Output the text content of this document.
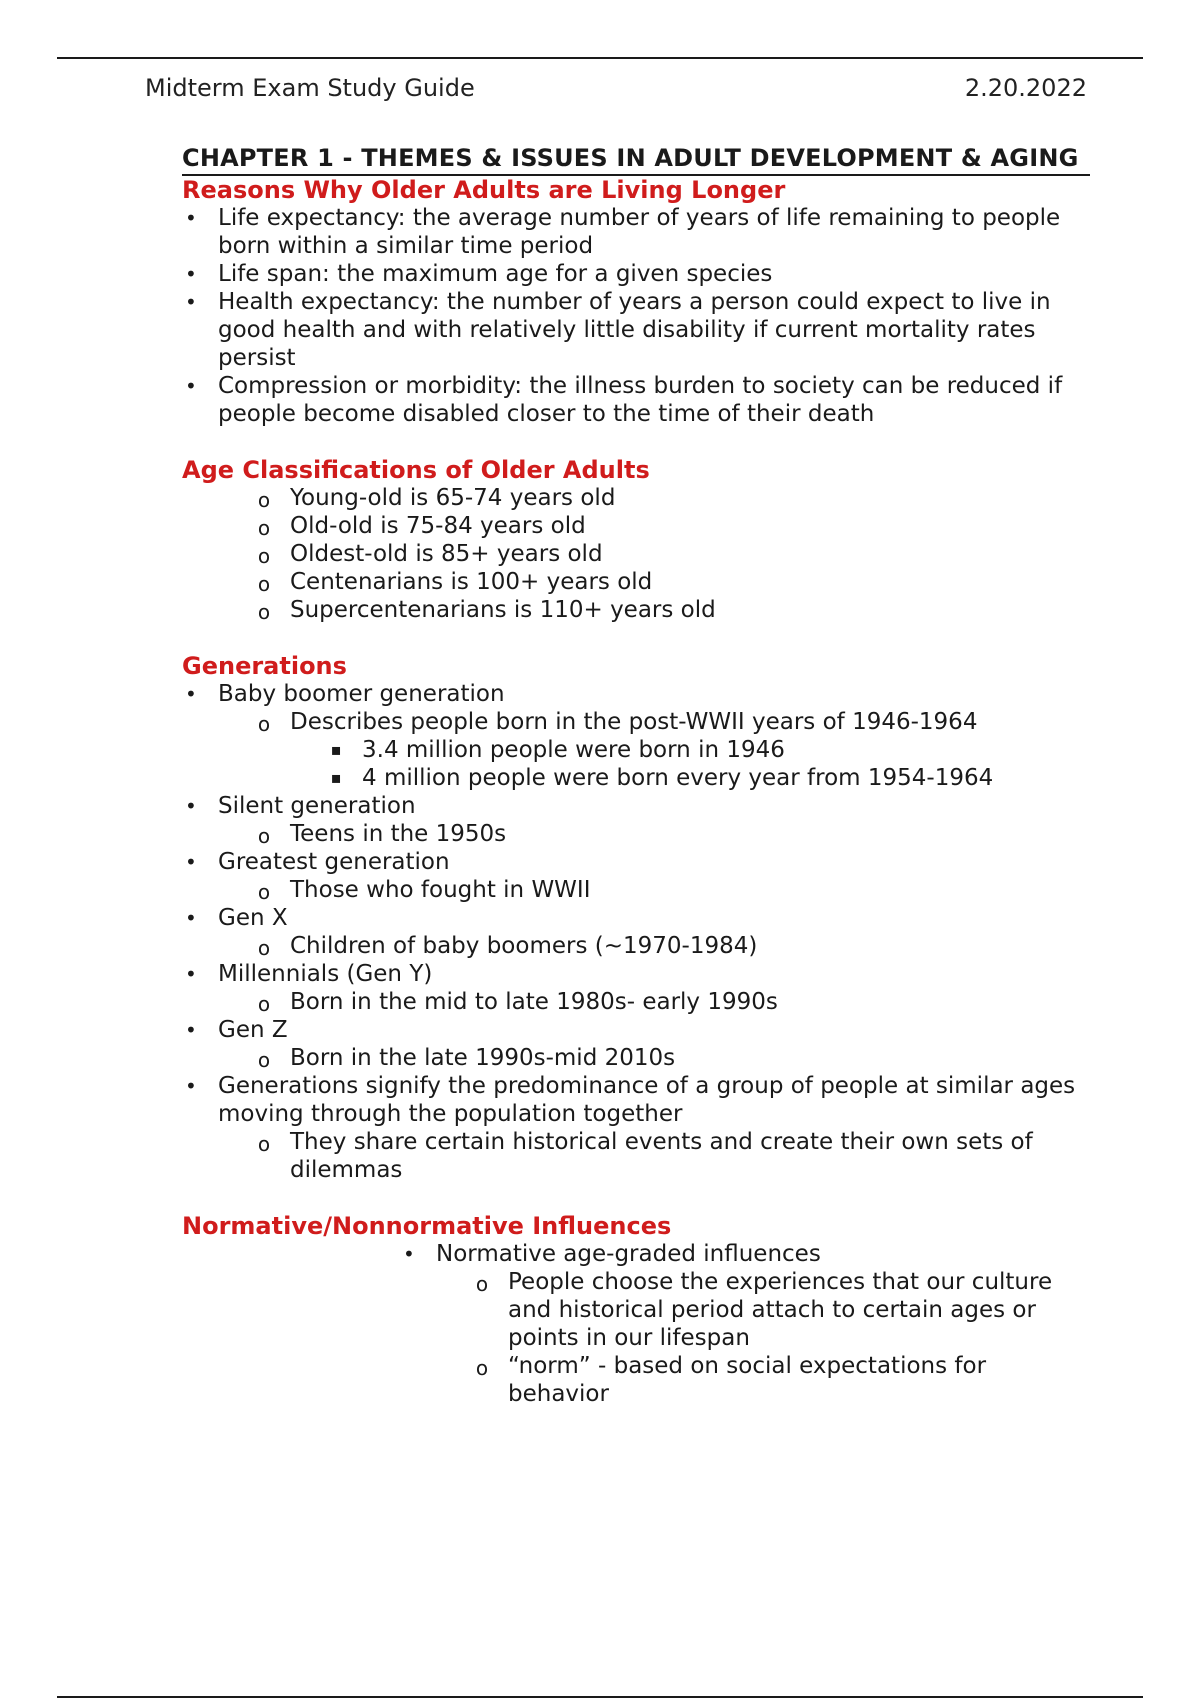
Midterm Exam Study Guide	2.20.2022
CHAPTER 1 - THEMES & ISSUES IN ADULT DEVELOPMENT & AGING
Reasons Why Older Adults are Living Longer
• Life expectancy: the average number of years of life remaining to people born within a similar time period
• Life span: the maximum age for a given species
• Health expectancy: the number of years a person could expect to live in good health and with relatively little disability if current mortality rates persist
• Compression or morbidity: the illness burden to society can be reduced if people become disabled closer to the time of their death
Age Classifications of Older Adults
o Young-old is 65-74 years old
o Old-old is 75-84 years old
o Oldest-old is 85+ years old
o Centenarians is 100+ years old
o Supercentenarians is 110+ years old
Generations
• Baby boomer generation
o Describes people born in the post-WWII years of 1946-1964
▪ 3.4 million people were born in 1946
▪ 4 million people were born every year from 1954-1964
• Silent generation
o Teens in the 1950s
• Greatest generation
o Those who fought in WWII
• Gen X
o Children of baby boomers (~1970-1984)
• Millennials (Gen Y)
o Born in the mid to late 1980s- early 1990s
• Gen Z
o Born in the late 1990s-mid 2010s
• Generations signify the predominance of a group of people at similar ages moving through the population together
o They share certain historical events and create their own sets of dilemmas
Normative/Nonnormative Influences
• Normative age-graded influences
o People choose the experiences that our culture and historical period attach to certain ages or points in our lifespan
o “norm” - based on social expectations for behavior
